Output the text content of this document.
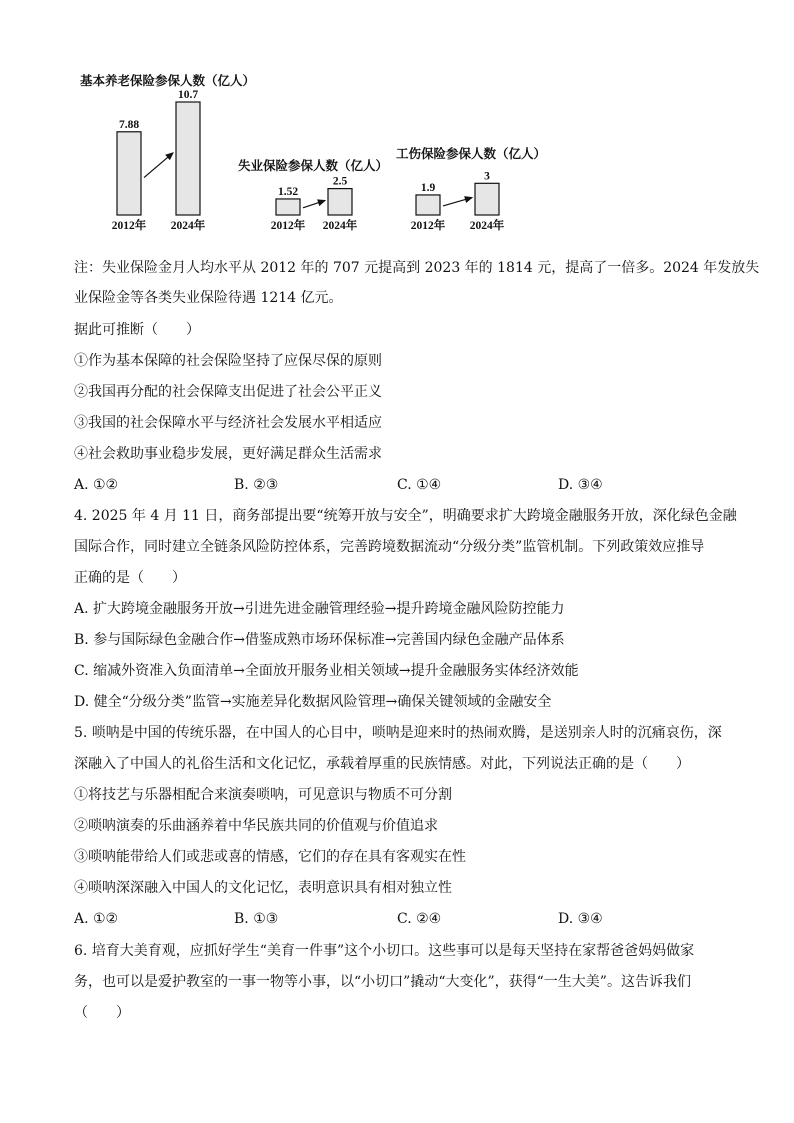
基本养老保险参保人数（亿人）
7.88
2012年
10.7
2024年
失业保险参保人数（亿人）
1.52
2012年
2.5
2024年
工伤保险参保人数（亿人）
1.9
2012年
3
2024年
注：失业保险金月人均水平从 2012 年的 707 元提高到 2023 年的 1814 元，提高了一倍多。2024 年发放失
业保险金等各类失业保险待遇 1214 亿元。
据此可推断（　　）
①作为基本保障的社会保险坚持了应保尽保的原则
②我国再分配的社会保障支出促进了社会公平正义
③我国的社会保障水平与经济社会发展水平相适应
④社会救助事业稳步发展，更好满足群众生活需求
A. ①②	B. ②③	C. ①④	D. ③④
4. 2025 年 4 月 11 日，商务部提出要“统筹开放与安全”，明确要求扩大跨境金融服务开放，深化绿色金融
国际合作，同时建立全链条风险防控体系，完善跨境数据流动“分级分类”监管机制。下列政策效应推导
正确的是（　　）
A. 扩大跨境金融服务开放→引进先进金融管理经验→提升跨境金融风险防控能力
B. 参与国际绿色金融合作→借鉴成熟市场环保标准→完善国内绿色金融产品体系
C. 缩减外资准入负面清单→全面放开服务业相关领域→提升金融服务实体经济效能
D. 健全“分级分类”监管→实施差异化数据风险管理→确保关键领域的金融安全
5. 唢呐是中国的传统乐器，在中国人的心目中，唢呐是迎来时的热闹欢腾，是送别亲人时的沉痛哀伤，深
深融入了中国人的礼俗生活和文化记忆，承载着厚重的民族情感。对此，下列说法正确的是（　　）
①将技艺与乐器相配合来演奏唢呐，可见意识与物质不可分割
②唢呐演奏的乐曲涵养着中华民族共同的价值观与价值追求
③唢呐能带给人们或悲或喜的情感，它们的存在具有客观实在性
④唢呐深深融入中国人的文化记忆，表明意识具有相对独立性
A. ①②	B. ①③	C. ②④	D. ③④
6. 培育大美育观，应抓好学生“美育一件事”这个小切口。这些事可以是每天坚持在家帮爸爸妈妈做家
务，也可以是爱护教室的一事一物等小事，以“小切口”撬动“大变化”，获得“一生大美”。这告诉我们
（　　）
